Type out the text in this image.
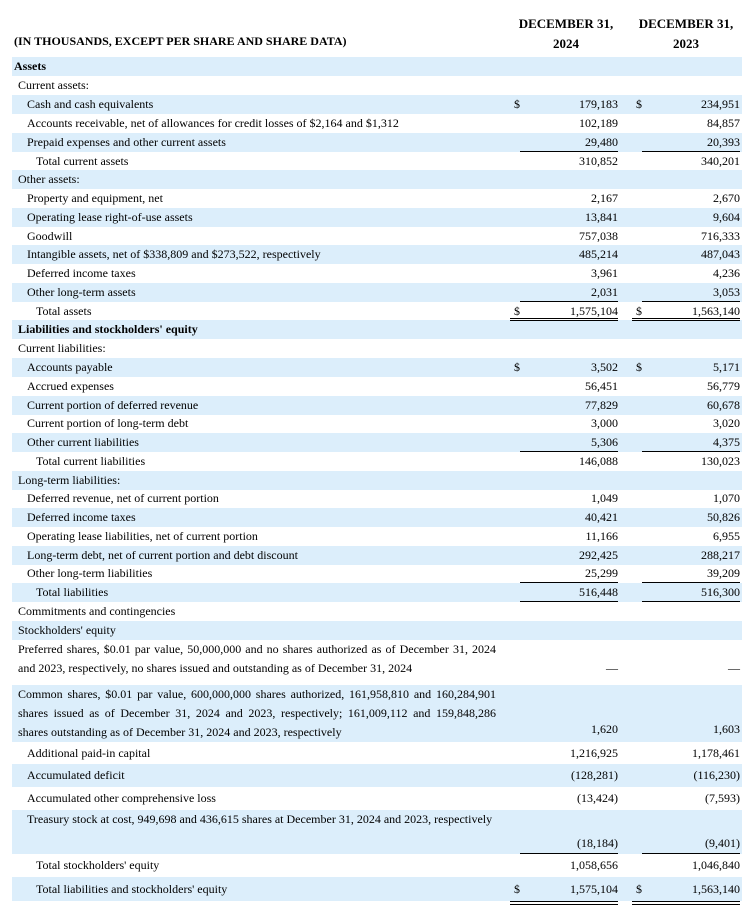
(IN THOUSANDS, EXCEPT PER SHARE AND SHARE DATA)
DECEMBER 31,
2024
DECEMBER 31,
2023
Assets
Current assets:
Cash and cash equivalents	$	179,183 $	234,951
Accounts receivable, net of allowances for credit losses of $2,164 and $1,312	102,189	84,857
Prepaid expenses and other current assets	29,480	20,393
Total current assets	310,852	340,201
Other assets:
Property and equipment, net	2,167	2,670
Operating lease right-of-use assets	13,841	9,604
Goodwill	757,038	716,333
Intangible assets, net of $338,809 and $273,522, respectively	485,214	487,043
Deferred income taxes	3,961	4,236
Other long-term assets	2,031	3,053
Total assets	$	1,575,104 $	1,563,140
Liabilities and stockholders' equity
Current liabilities:
Accounts payable	$	3,502 $	5,171
Accrued expenses	56,451	56,779
Current portion of deferred revenue	77,829	60,678
Current portion of long-term debt	3,000	3,020
Other current liabilities	5,306	4,375
Total current liabilities	146,088	130,023
Long-term liabilities:
Deferred revenue, net of current portion	1,049	1,070
Deferred income taxes	40,421	50,826
Operating lease liabilities, net of current portion	11,166	6,955
Long-term debt, net of current portion and debt discount	292,425	288,217
Other long-term liabilities	25,299	39,209
Total liabilities	516,448	516,300
Commitments and contingencies
Stockholders' equity
Preferred shares, $0.01 par value, 50,000,000 and no shares authorized as of December 31, 2024 and 2023, respectively, no shares issued and outstanding as of December 31, 2024	—	—
Common shares, $0.01 par value, 600,000,000 shares authorized, 161,958,810 and 160,284,901 shares issued as of December 31, 2024 and 2023, respectively; 161,009,112 and 159,848,286 shares outstanding as of December 31, 2024 and 2023, respectively	1,620	1,603
Additional paid-in capital	1,216,925	1,178,461
Accumulated deficit	(128,281)	(116,230)
Accumulated other comprehensive loss	(13,424)	(7,593)
Treasury stock at cost, 949,698 and 436,615 shares at December 31, 2024 and 2023, respectively
(18,184)	(9,401)
Total stockholders' equity	1,058,656	1,046,840
Total liabilities and stockholders' equity	$	1,575,104 $	1,563,140
